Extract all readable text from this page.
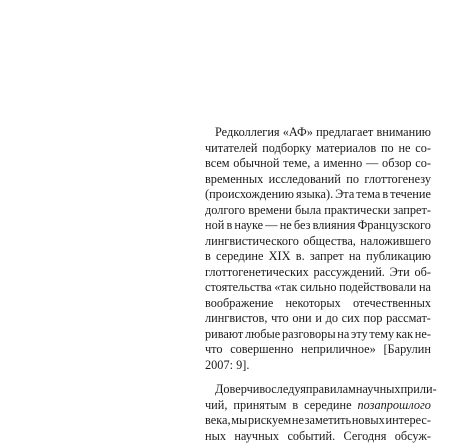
Редколлегия «АФ» предлагает вниманию
читателей подборку материалов по не со-
всем обычной теме, а именно — обзор со-
временных исследований по глоттогенезу
(происхождению языка). Эта тема в течение
долгого времени была практически запрет-
ной в науке — не без влияния Французского
лингвистического общества, наложившего
в середине XIX в. запрет на публикацию
глоттогенетических рассуждений. Эти об-
стоятельства «так сильно подействовали на
воображение некоторых отечественных
лингвистов, что они и до сих пор рассмат-
ривают любые разговоры на эту тему как не-
что совершенно неприличное» [Барулин
2007: 9].
Доверчиво следуя правилам научных прили-
чий, принятым в середине позапрошлого
века, мы рискуем не заметить новых интерес-
ных научных событий. Сегодня обсуж-
